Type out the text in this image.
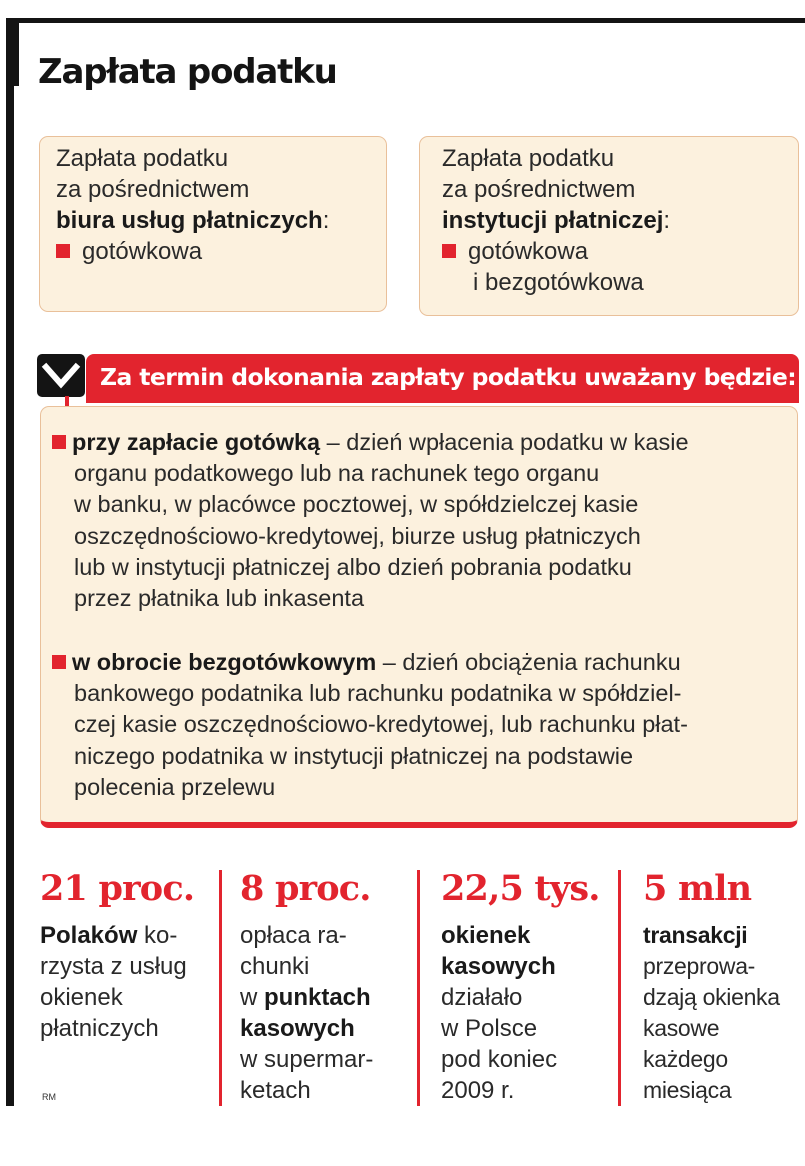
Zapłata podatku
Zapłata podatku
za pośrednictwem
biura usług płatniczych:
gotówkowa
Zapłata podatku
za pośrednictwem
instytucji płatniczej:
gotówkowa
i bezgotówkowa
Za termin dokonania zapłaty podatku uważany będzie:
przy zapłacie gotówką – dzień wpłacenia podatku w kasie
organu podatkowego lub na rachunek tego organu
w banku, w placówce pocztowej, w spółdzielczej kasie
oszczędnościowo-kredytowej, biurze usług płatniczych
lub w instytucji płatniczej albo dzień pobrania podatku
przez płatnika lub inkasenta
w obrocie bezgotówkowym – dzień obciążenia rachunku
bankowego podatnika lub rachunku podatnika w spółdziel-
czej kasie oszczędnościowo-kredytowej, lub rachunku płat-
niczego podatnika w instytucji płatniczej na podstawie
polecenia przelewu
21 proc.
Polaków ko-
rzysta z usług
okienek
płatniczych
8 proc.
opłaca ra-
chunki
w punktach
kasowych
w supermar-
ketach
22,5 tys.
okienek
kasowych
działało
w Polsce
pod koniec
2009 r.
5 mln
transakcji
przeprowa-
dzają okienka
kasowe
każdego
miesiąca
RM
